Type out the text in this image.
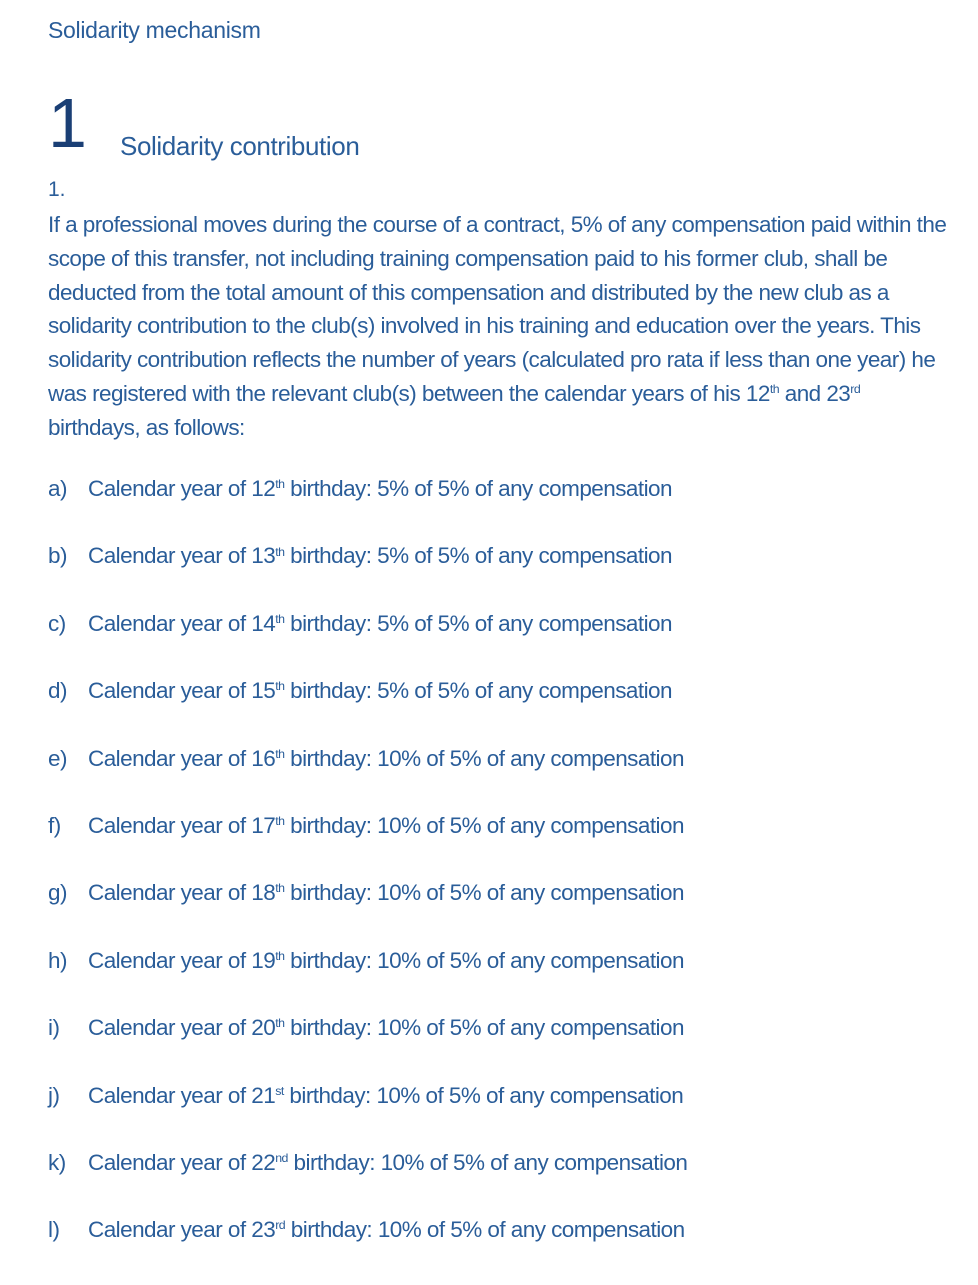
Solidarity mechanism
1 Solidarity contribution
1.
If a professional moves during the course of a contract, 5% of any compensation paid within the scope of this transfer, not including training compensation paid to his former club, shall be deducted from the total amount of this compensation and distributed by the new club as a solidarity contribution to the club(s) involved in his training and education over the years. This solidarity contribution reflects the number of years (calculated pro rata if less than one year) he was registered with the relevant club(s) between the calendar years of his 12th and 23rd birthdays, as follows:
a) Calendar year of 12th birthday: 5% of 5% of any compensation
b) Calendar year of 13th birthday: 5% of 5% of any compensation
c) Calendar year of 14th birthday: 5% of 5% of any compensation
d) Calendar year of 15th birthday: 5% of 5% of any compensation
e) Calendar year of 16th birthday: 10% of 5% of any compensation
f) Calendar year of 17th birthday: 10% of 5% of any compensation
g) Calendar year of 18th birthday: 10% of 5% of any compensation
h) Calendar year of 19th birthday: 10% of 5% of any compensation
i) Calendar year of 20th birthday: 10% of 5% of any compensation
j) Calendar year of 21st birthday: 10% of 5% of any compensation
k) Calendar year of 22nd birthday: 10% of 5% of any compensation
l) Calendar year of 23rd birthday: 10% of 5% of any compensation
